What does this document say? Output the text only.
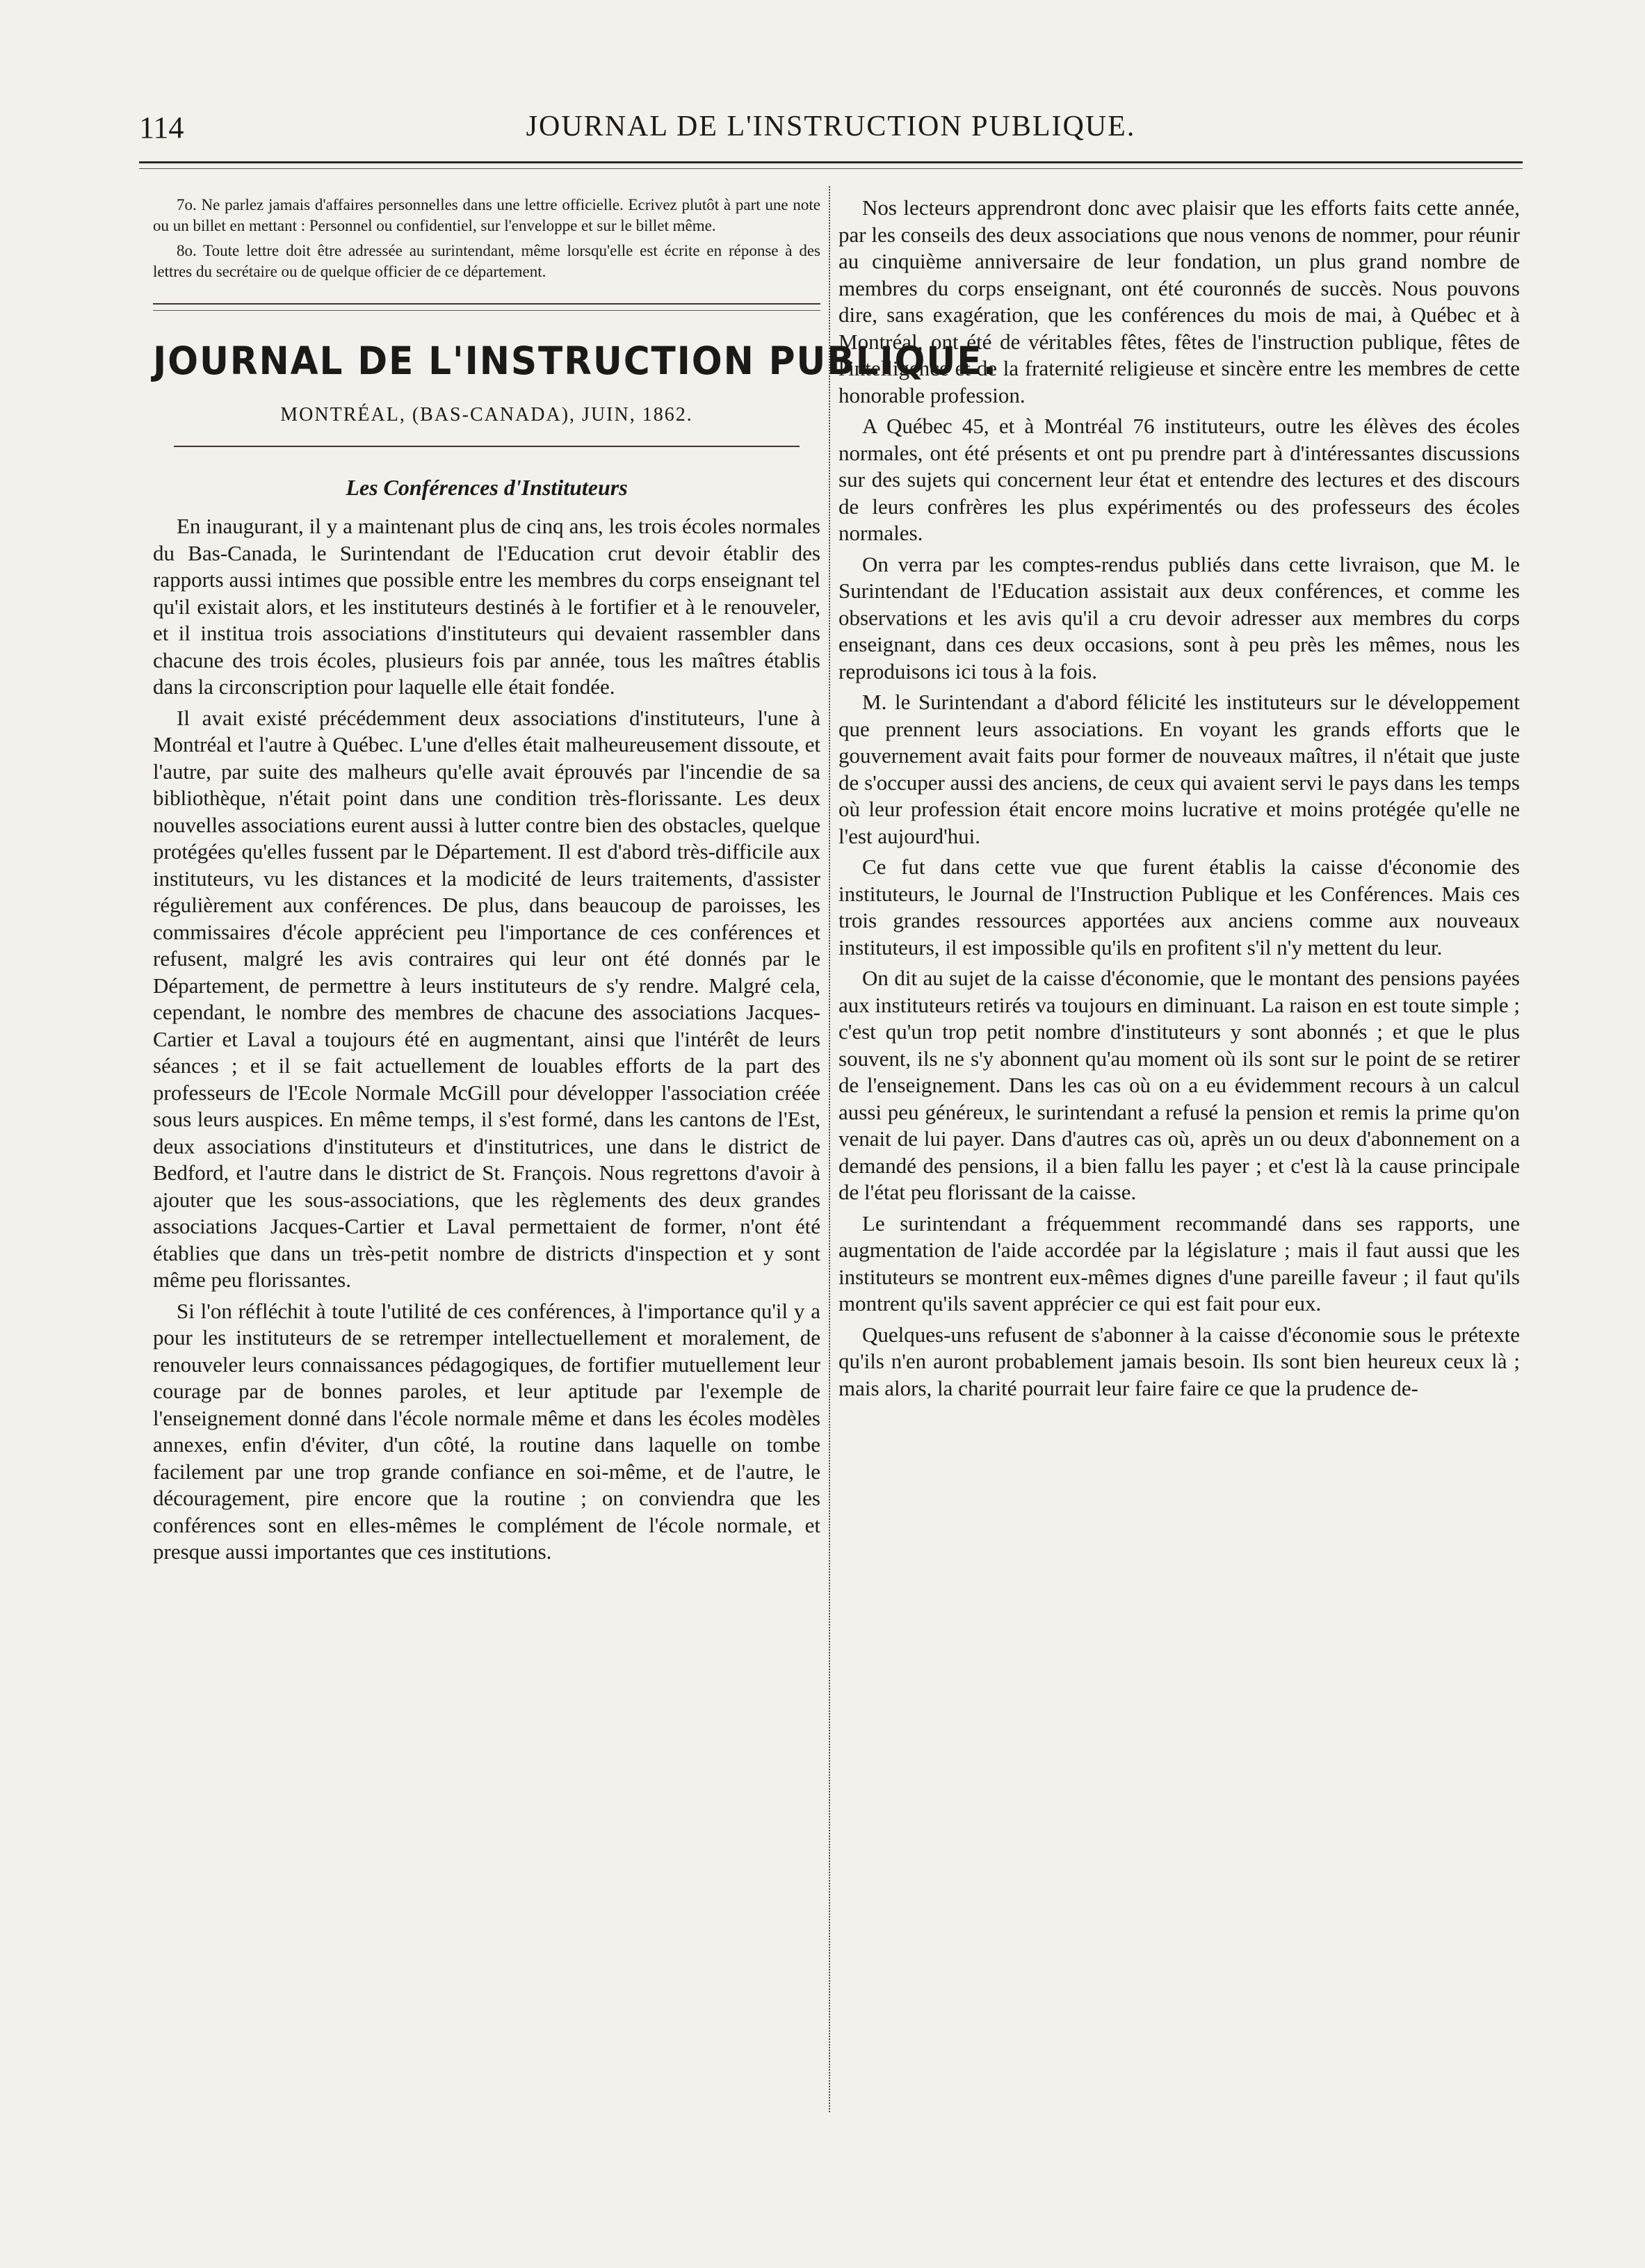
114	JOURNAL DE L'INSTRUCTION PUBLIQUE.

7o. Ne parlez jamais d'affaires personnelles dans une lettre officielle. Ecrivez plutôt à part une note ou un billet en mettant : Personnel ou confidentiel, sur l'enveloppe et sur le billet même.

8o. Toute lettre doit être adressée au surintendant, même lorsqu'elle est écrite en réponse à des lettres du secrétaire ou de quelque officier de ce département.

JOURNAL DE L'INSTRUCTION PUBLIQUE.
MONTRÉAL, (BAS-CANADA), JUIN, 1862.
Les Conférences d'Instituteurs

En inaugurant, il y a maintenant plus de cinq ans, les trois écoles normales du Bas-Canada, le Surintendant de l'Education crut devoir établir des rapports aussi intimes que possible entre les membres du corps enseignant tel qu'il existait alors, et les instituteurs destinés à le fortifier et à le renouveler, et il institua trois associations d'instituteurs qui devaient rassembler dans chacune des trois écoles, plusieurs fois par année, tous les maîtres établis dans la circonscription pour laquelle elle était fondée.

Il avait existé précédemment deux associations d'instituteurs, l'une à Montréal et l'autre à Québec. L'une d'elles était malheureusement dissoute, et l'autre, par suite des malheurs qu'elle avait éprouvés par l'incendie de sa bibliothèque, n'était point dans une condition très-florissante. Les deux nouvelles associations eurent aussi à lutter contre bien des obstacles, quelque protégées qu'elles fussent par le Département. Il est d'abord très-difficile aux instituteurs, vu les distances et la modicité de leurs traitements, d'assister régulièrement aux conférences. De plus, dans beaucoup de paroisses, les commissaires d'école apprécient peu l'importance de ces conférences et refusent, malgré les avis contraires qui leur ont été donnés par le Département, de permettre à leurs instituteurs de s'y rendre. Malgré cela, cependant, le nombre des membres de chacune des associations Jacques-Cartier et Laval a toujours été en augmentant, ainsi que l'intérêt de leurs séances ; et il se fait actuellement de louables efforts de la part des professeurs de l'Ecole Normale McGill pour développer l'association créée sous leurs auspices. En même temps, il s'est formé, dans les cantons de l'Est, deux associations d'instituteurs et d'institutrices, une dans le district de Bedford, et l'autre dans le district de St. François. Nous regrettons d'avoir à ajouter que les sous-associations, que les règlements des deux grandes associations Jacques-Cartier et Laval permettaient de former, n'ont été établies que dans un très-petit nombre de districts d'inspection et y sont même peu florissantes.

Si l'on réfléchit à toute l'utilité de ces conférences, à l'importance qu'il y a pour les instituteurs de se retremper intellectuellement et moralement, de renouveler leurs connaissances pédagogiques, de fortifier mutuellement leur courage par de bonnes paroles, et leur aptitude par l'exemple de l'enseignement donné dans l'école normale même et dans les écoles modèles annexes, enfin d'éviter, d'un côté, la routine dans laquelle on tombe facilement par une trop grande confiance en soi-même, et de l'autre, le découragement, pire encore que la routine ; on conviendra que les conférences sont en elles-mêmes le complément de l'école normale, et presque aussi importantes que ces institutions.

Nos lecteurs apprendront donc avec plaisir que les efforts faits cette année, par les conseils des deux associations que nous venons de nommer, pour réunir au cinquième anniversaire de leur fondation, un plus grand nombre de membres du corps enseignant, ont été couronnés de succès. Nous pouvons dire, sans exagération, que les conférences du mois de mai, à Québec et à Montréal, ont été de véritables fêtes, fêtes de l'instruction publique, fêtes de l'intelligence et de la fraternité religieuse et sincère entre les membres de cette honorable profession.

A Québec 45, et à Montréal 76 instituteurs, outre les élèves des écoles normales, ont été présents et ont pu prendre part à d'intéressantes discussions sur des sujets qui concernent leur état et entendre des lectures et des discours de leurs confrères les plus expérimentés ou des professeurs des écoles normales.

On verra par les comptes-rendus publiés dans cette livraison, que M. le Surintendant de l'Education assistait aux deux conférences, et comme les observations et les avis qu'il a cru devoir adresser aux membres du corps enseignant, dans ces deux occasions, sont à peu près les mêmes, nous les reproduisons ici tous à la fois.

M. le Surintendant a d'abord félicité les instituteurs sur le développement que prennent leurs associations. En voyant les grands efforts que le gouvernement avait faits pour former de nouveaux maîtres, il n'était que juste de s'occuper aussi des anciens, de ceux qui avaient servi le pays dans les temps où leur profession était encore moins lucrative et moins protégée qu'elle ne l'est aujourd'hui.

Ce fut dans cette vue que furent établis la caisse d'économie des instituteurs, le Journal de l'Instruction Publique et les Conférences. Mais ces trois grandes ressources apportées aux anciens comme aux nouveaux instituteurs, il est impossible qu'ils en profitent s'il n'y mettent du leur.

On dit au sujet de la caisse d'économie, que le montant des pensions payées aux instituteurs retirés va toujours en diminuant. La raison en est toute simple ; c'est qu'un trop petit nombre d'instituteurs y sont abonnés ; et que le plus souvent, ils ne s'y abonnent qu'au moment où ils sont sur le point de se retirer de l'enseignement. Dans les cas où on a eu évidemment recours à un calcul aussi peu généreux, le surintendant a refusé la pension et remis la prime qu'on venait de lui payer. Dans d'autres cas où, après un ou deux d'abonnement on a demandé des pensions, il a bien fallu les payer ; et c'est là la cause principale de l'état peu florissant de la caisse.

Le surintendant a fréquemment recommandé dans ses rapports, une augmentation de l'aide accordée par la législature ; mais il faut aussi que les instituteurs se montrent eux-mêmes dignes d'une pareille faveur ; il faut qu'ils montrent qu'ils savent apprécier ce qui est fait pour eux.

Quelques-uns refusent de s'abonner à la caisse d'économie sous le prétexte qu'ils n'en auront probablement jamais besoin. Ils sont bien heureux ceux là ; mais alors, la charité pourrait leur faire faire ce que la prudence de-
